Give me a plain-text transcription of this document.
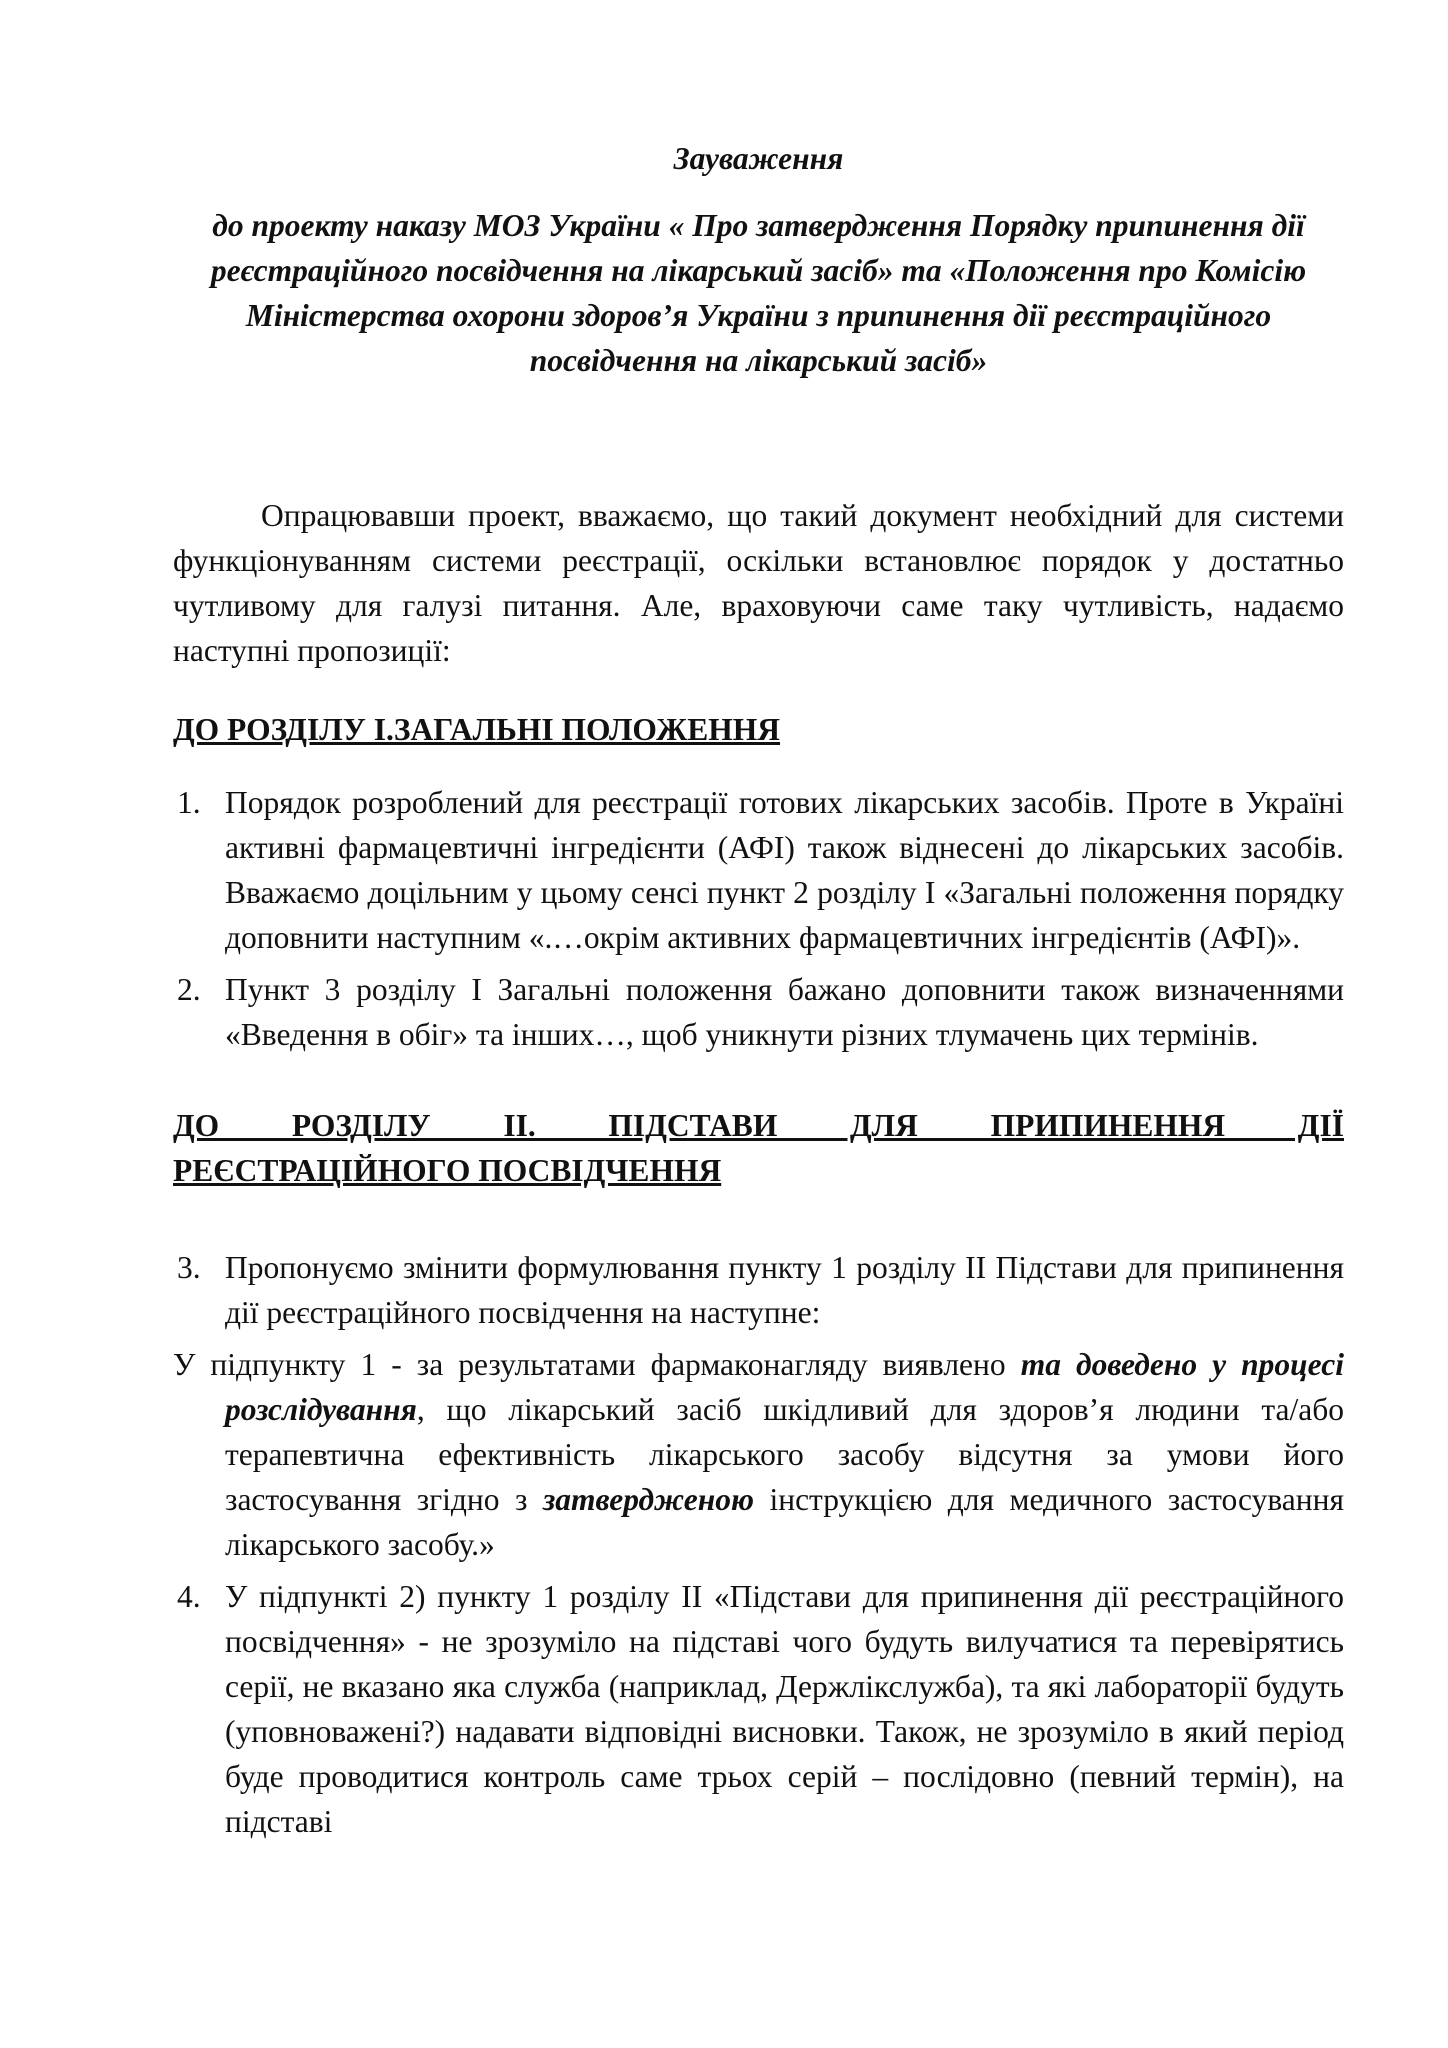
Зауваження
до проекту наказу МОЗ України « Про затвердження Порядку припинення дії реєстраційного посвідчення на лікарський засіб» та «Положення про Комісію Міністерства охорони здоров’я України з припинення дії реєстраційного посвідчення на лікарський засіб»

Опрацювавши проект, вважаємо, що такий документ необхідний для системи функціонуванням системи реєстрації, оскільки встановлює порядок у достатньо чутливому для галузі питання. Але, враховуючи саме таку чутливість, надаємо наступні пропозиції:

ДО РОЗДІЛУ І.ЗАГАЛЬНІ ПОЛОЖЕННЯ
1. Порядок розроблений для реєстрації готових лікарських засобів. Проте в Україні активні фармацевтичні інгредієнти (АФІ) також віднесені до лікарських засобів. Вважаємо доцільним у цьому сенсі пункт 2 розділу І «Загальні положення порядку доповнити наступним «.…окрім активних фармацевтичних інгредієнтів (АФІ)».
2. Пункт 3 розділу І Загальні положення бажано доповнити також визначеннями «Введення в обіг» та інших…, щоб уникнути різних тлумачень цих термінів.
ДО РОЗДІЛУ ІІ. ПІДСТАВИ ДЛЯ ПРИПИНЕННЯ ДІЇ
РЕЄСТРАЦІЙНОГО ПОСВІДЧЕННЯ
3. Пропонуємо змінити формулювання пункту 1 розділу ІІ Підстави для припинення дії реєстраційного посвідчення на наступне:
У підпункту 1 - за результатами фармаконагляду виявлено та доведено у процесі розслідування, що лікарський засіб шкідливий для здоров’я людини та/або терапевтична ефективність лікарського засобу відсутня за умови його застосування згідно з затвердженою інструкцією для медичного застосування лікарського засобу.»
4. У підпункті 2) пункту 1 розділу ІІ «Підстави для припинення дії реєстраційного посвідчення» - не зрозуміло на підставі чого будуть вилучатися та перевірятись серії, не вказано яка служба (наприклад, Держлікслужба), та які лабораторії будуть (уповноважені?) надавати відповідні висновки. Також, не зрозуміло в який період буде проводитися контроль саме трьох серій – послідовно (певний термін), на підставі
